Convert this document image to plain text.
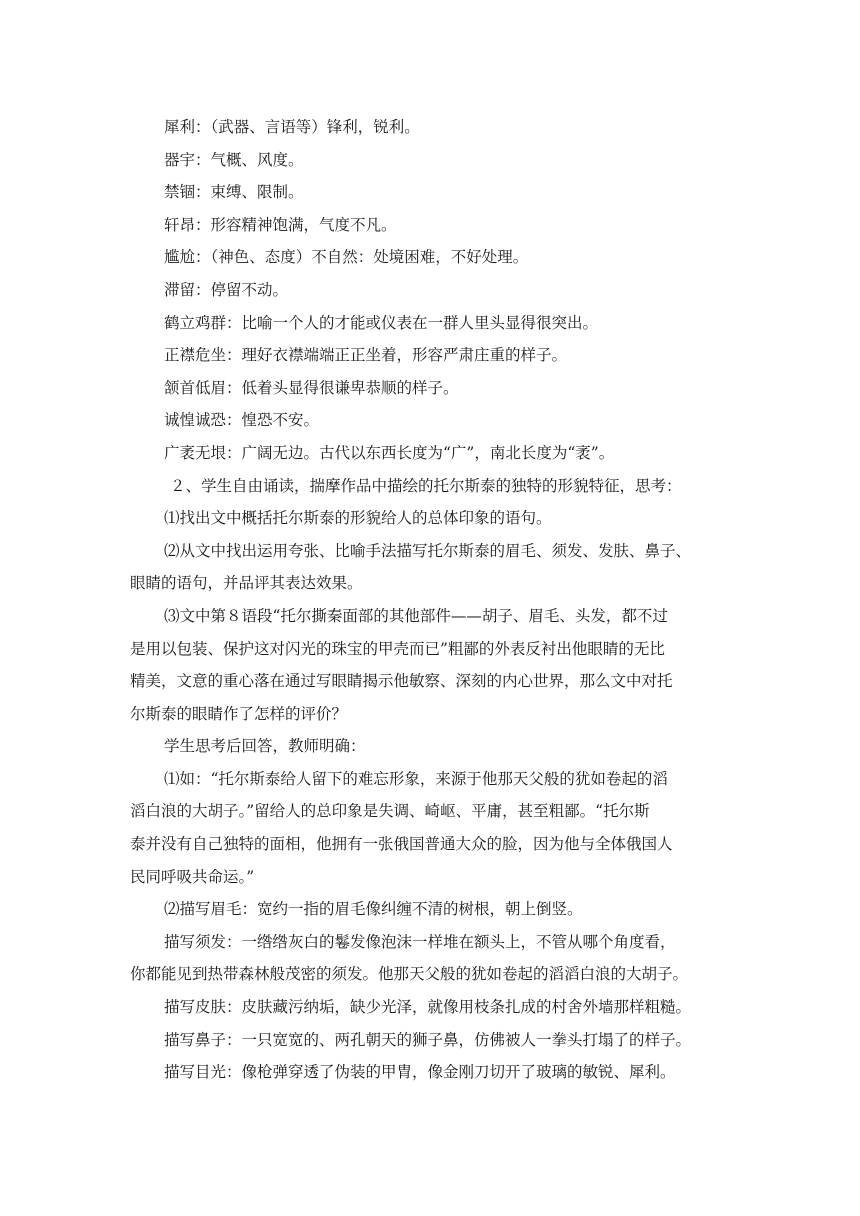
犀利：（武器、言语等）锋利，锐利。
器宇：气概、风度。
禁锢：束缚、限制。
轩昂：形容精神饱满，气度不凡。
尴尬：（神色、态度）不自然：处境困难，不好处理。
滞留：停留不动。
鹤立鸡群：比喻一个人的才能或仪表在一群人里头显得很突出。
正襟危坐：理好衣襟端端正正坐着，形容严肃庄重的样子。
颔首低眉：低着头显得很谦卑恭顺的样子。
诚惶诚恐：惶恐不安。
广袤无垠：广阔无边。古代以东西长度为“广”，南北长度为“袤”。
２、学生自由诵读，揣摩作品中描绘的托尔斯泰的独特的形貌特征，思考：
⑴找出文中概括托尔斯泰的形貌给人的总体印象的语句。
⑵从文中找出运用夸张、比喻手法描写托尔斯泰的眉毛、须发、发肤、鼻子、
眼睛的语句，并品评其表达效果。
⑶文中第８语段“托尔撕秦面部的其他部件——胡子、眉毛、头发，都不过
是用以包装、保护这对闪光的珠宝的甲壳而已”粗鄙的外表反衬出他眼睛的无比
精美，文意的重心落在通过写眼睛揭示他敏察、深刻的内心世界，那么文中对托
尔斯泰的眼睛作了怎样的评价？
学生思考后回答，教师明确：
⑴如：“托尔斯泰给人留下的难忘形象，来源于他那天父般的犹如卷起的滔
滔白浪的大胡子。”留给人的总印象是失调、崎岖、平庸，甚至粗鄙。“托尔斯
泰并没有自己独特的面相，他拥有一张俄国普通大众的脸，因为他与全体俄国人
民同呼吸共命运。”
⑵描写眉毛：宽约一指的眉毛像纠缠不清的树根，朝上倒竖。
描写须发：一绺绺灰白的鬈发像泡沫一样堆在额头上，不管从哪个角度看，
你都能见到热带森林般茂密的须发。他那天父般的犹如卷起的滔滔白浪的大胡子。
描写皮肤：皮肤藏污纳垢，缺少光泽，就像用枝条扎成的村舍外墙那样粗糙。
描写鼻子：一只宽宽的、两孔朝天的狮子鼻，仿佛被人一拳头打塌了的样子。
描写目光：像枪弹穿透了伪装的甲胄，像金刚刀切开了玻璃的敏锐、犀利。
